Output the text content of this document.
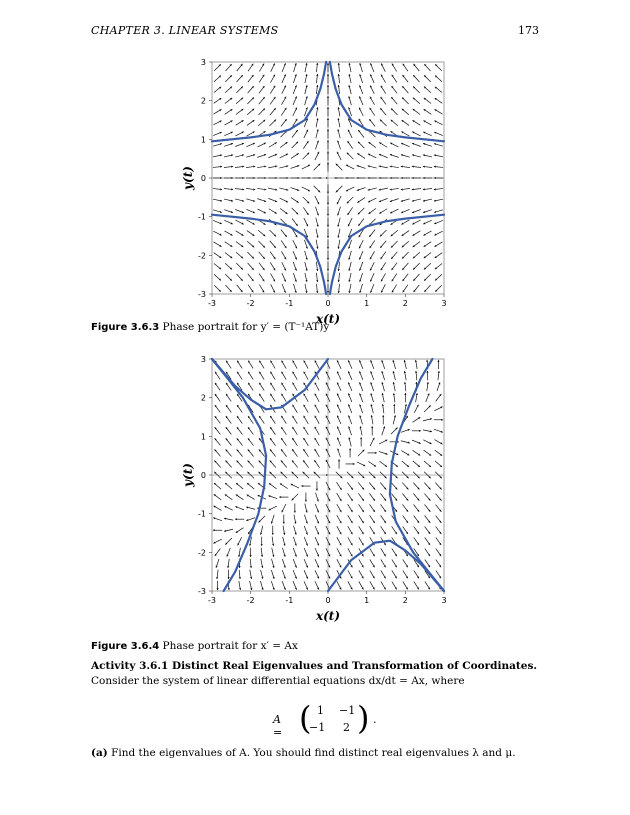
CHAPTER 3. LINEAR SYSTEMS	173
-3	-2	-1	0	1	2	3
-3
-2
-1
0
1
2
3
x(t)
y(t)
-3	-2	-1	0	1	2	3
-3
-2
-1
0
1
2
3
x(t)
y(t)
Figure 3.6.3 Phase portrait for y′ = (T⁻¹AT)y
Figure 3.6.4 Phase portrait for x′ = Ax
Activity 3.6.1 Distinct Real Eigenvalues and Transformation of Coordinates.
Consider the system of linear differential equations dx/dt = Ax, where
A = ( 1 −1
−1 2 ) .
(a) Find the eigenvalues of A. You should find distinct real eigenvalues λ and μ.
